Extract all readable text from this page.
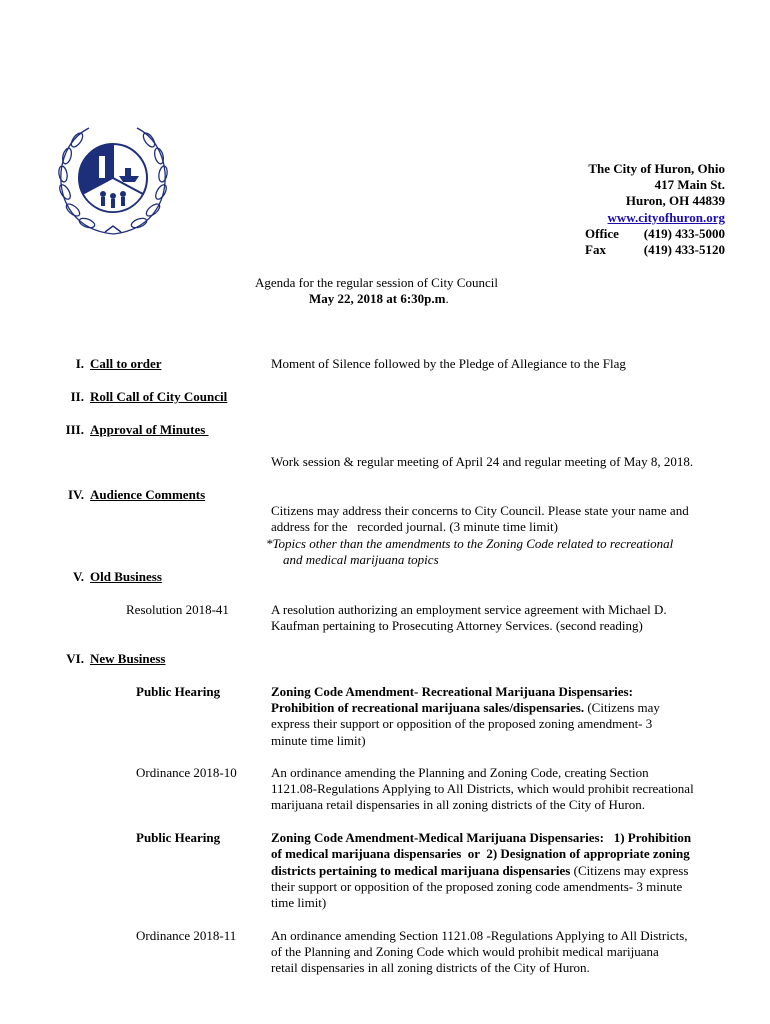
The City of Huron, Ohio
417 Main St.
Huron, OH 44839
www.cityofhuron.org
Office (419) 433-5000
Fax	(419) 433-5120
Agenda for the regular session of City Council
May 22, 2018 at 6:30p.m.
I. Call to order	Moment of Silence followed by the Pledge of Allegiance to the Flag
II. Roll Call of City Council
III. Approval of Minutes
Work session & regular meeting of April 24 and regular meeting of May 8, 2018.
IV. Audience Comments
Citizens may address their concerns to City Council. Please state your name and
address for the   recorded journal. (3 minute time limit)
*Topics other than the amendments to the Zoning Code related to recreational
and medical marijuana topics
V. Old Business
Resolution 2018-41	A resolution authorizing an employment service agreement with Michael D.
Kaufman pertaining to Prosecuting Attorney Services. (second reading)
VI. New Business
Public Hearing	Zoning Code Amendment- Recreational Marijuana Dispensaries:
Prohibition of recreational marijuana sales/dispensaries. (Citizens may
express their support or opposition of the proposed zoning amendment- 3
minute time limit)
Ordinance 2018-10	An ordinance amending the Planning and Zoning Code, creating Section
1121.08-Regulations Applying to All Districts, which would prohibit recreational
marijuana retail dispensaries in all zoning districts of the City of Huron.
Public Hearing	Zoning Code Amendment-Medical Marijuana Dispensaries:   1) Prohibition
of medical marijuana dispensaries  or  2) Designation of appropriate zoning
districts pertaining to medical marijuana dispensaries (Citizens may express
their support or opposition of the proposed zoning code amendments- 3 minute
time limit)
Ordinance 2018-11	An ordinance amending Section 1121.08 -Regulations Applying to All Districts,
of the Planning and Zoning Code which would prohibit medical marijuana
retail dispensaries in all zoning districts of the City of Huron.
